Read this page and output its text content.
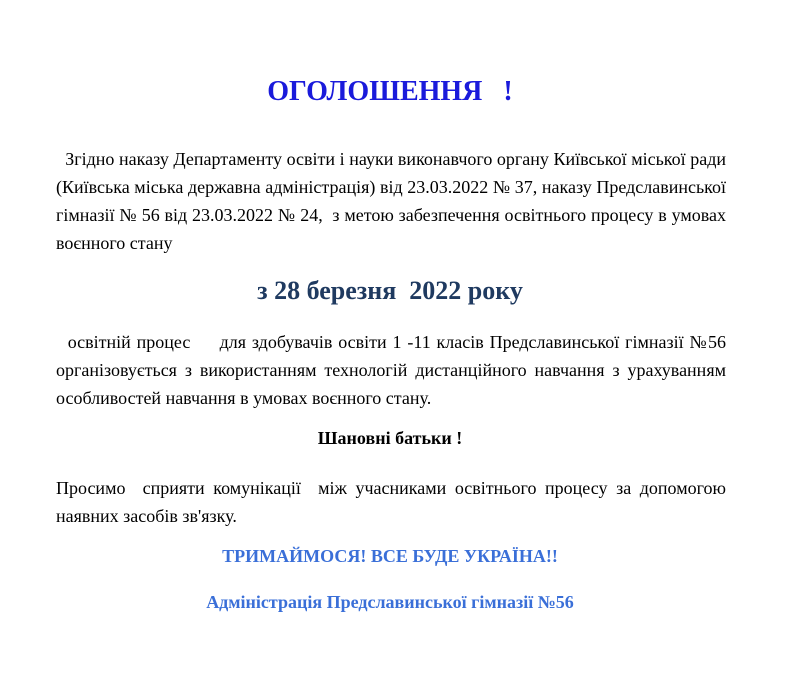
ОГОЛОШЕННЯ   !
Згідно наказу Департаменту освіти і науки виконавчого органу Київської міської ради (Київська міська державна адміністрація) від 23.03.2022 № 37, наказу Предславинської гімназії № 56 від 23.03.2022 № 24,  з метою забезпечення освітнього процесу в умовах воєнного стану
з 28 березня  2022 року
освітній процес     для здобувачів освіти 1 -11 класів Предславинської гімназії №56 організовується з використанням технологій дистанційного навчання з урахуванням особливостей навчання в умовах воєнного стану.
Шановні батьки !
Просимо  сприяти комунікації  між учасниками освітнього процесу за допомогою наявних засобів зв'язку.
ТРИМАЙМОСЯ! ВСЕ БУДЕ УКРАЇНА!!
Адміністрація Предславинської гімназії №56
